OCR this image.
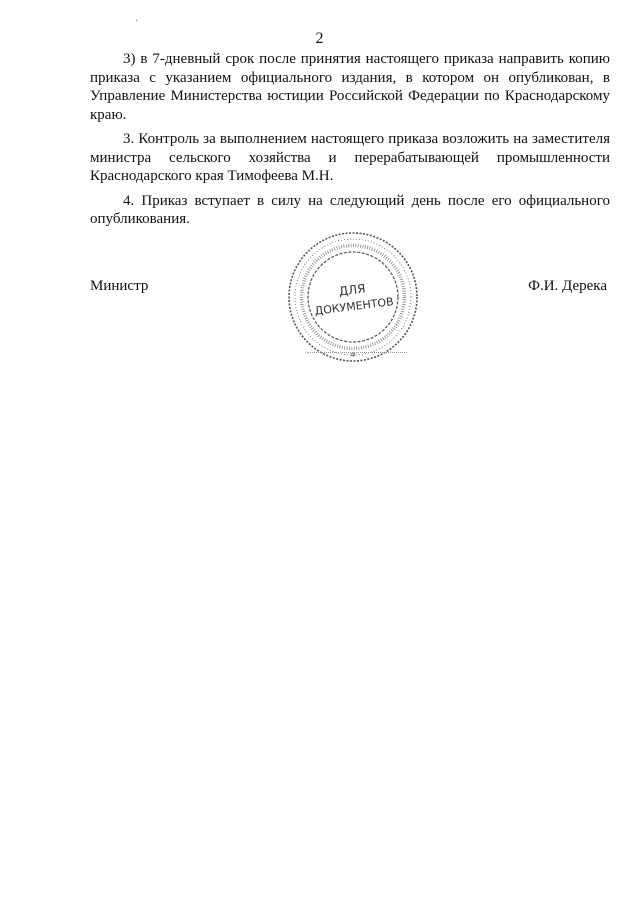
·
2

3) в 7-дневный срок после принятия настоящего приказа направить копию приказа с указанием официального издания, в котором он опубликован, в Управление Министерства юстиции Российской Федерации по Краснодарскому краю.

3. Контроль за выполнением настоящего приказа возложить на заместителя министра сельского хозяйства и перерабатывающей промышленности Краснодарского края Тимофеева М.Н.

4. Приказ вступает в силу на следующий день после его официального опубликования.

Министр	ДЛЯ
ДОКУМЕНТОВ
✲
Ф.И. Дерека
